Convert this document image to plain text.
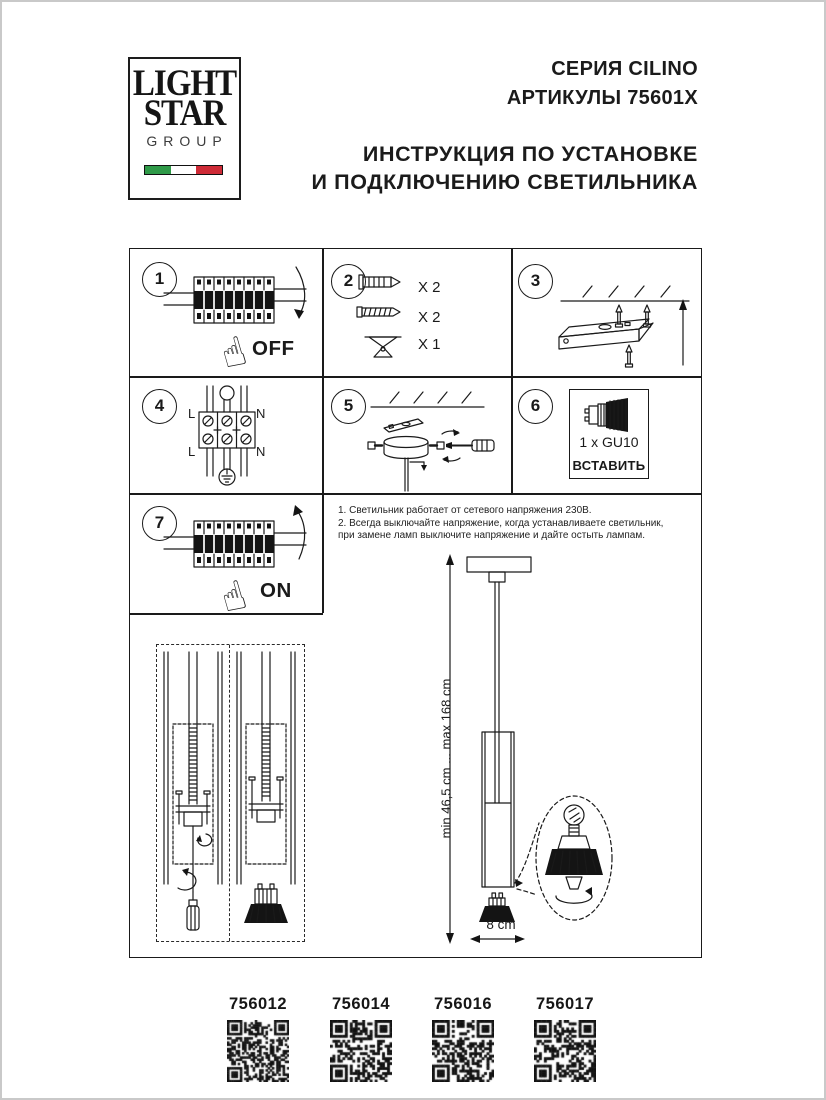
LIGHT
STAR
GROUP
СЕРИЯ CILINO
АРТИКУЛЫ 75601X
ИНСТРУКЦИЯ ПО УСТАНОВКЕ
И ПОДКЛЮЧЕНИЮ СВЕТИЛЬНИКА
1	2	3
4	5	6
7
☝ OFF
X 2
X 2
X 1
L	N
L	N
1 x GU10
ВСТАВИТЬ
☝ ON
1. Светильник работает от сетевого напряжения 230В.
2. Всегда выключайте напряжение, когда устанавливаете светильник,
при замене ламп выключите напряжение и дайте остыть лампам.
min 46,5 cm ... max 168 cm
8 cm
756012	756014	756016	756017
